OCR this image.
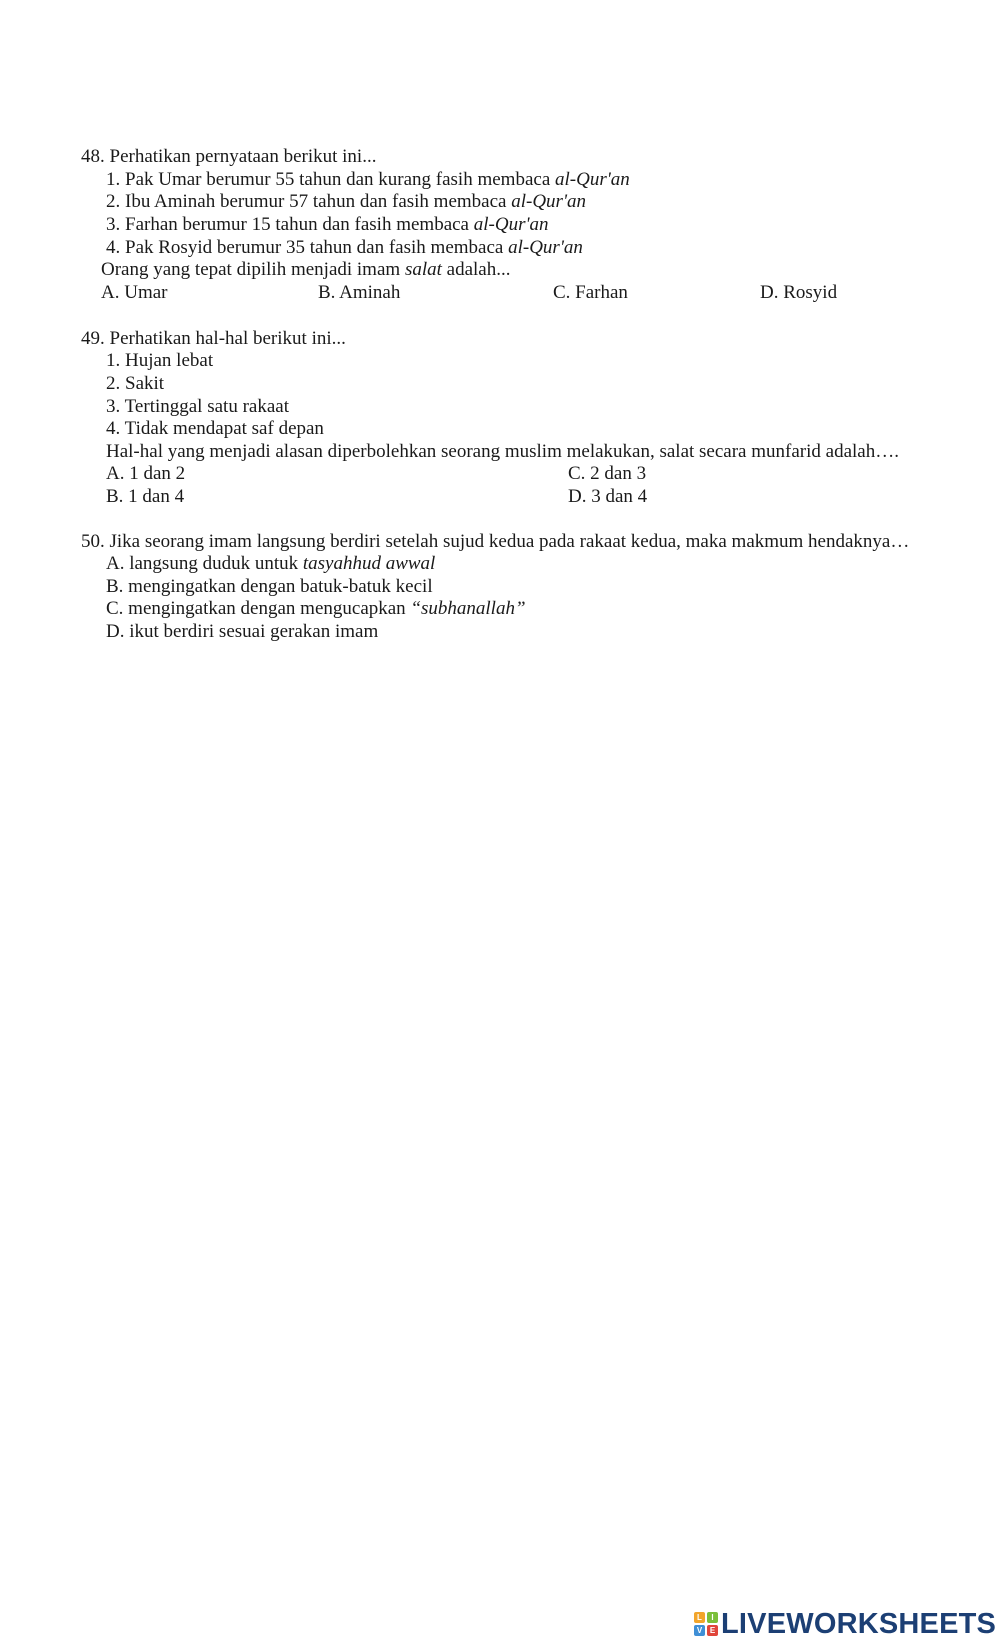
48. Perhatikan pernyataan berikut ini...
1. Pak Umar berumur 55 tahun dan kurang fasih membaca al-Qur'an
2. Ibu Aminah berumur 57 tahun dan fasih membaca al-Qur'an
3. Farhan berumur 15 tahun dan fasih membaca al-Qur'an
4. Pak Rosyid berumur 35 tahun dan fasih membaca al-Qur'an
Orang yang tepat dipilih menjadi imam salat adalah...
A. Umar	B. Aminah	C. Farhan	D. Rosyid
49. Perhatikan hal-hal berikut ini...
1. Hujan lebat
2. Sakit
3. Tertinggal satu rakaat
4. Tidak mendapat saf depan
Hal-hal yang menjadi alasan diperbolehkan seorang muslim melakukan, salat secara munfarid adalah….
A. 1 dan 2	C. 2 dan 3
B. 1 dan 4	D. 3 dan 4
50. Jika seorang imam langsung berdiri setelah sujud kedua pada rakaat kedua, maka makmum hendaknya…
A. langsung duduk untuk tasyahhud awwal
B. mengingatkan dengan batuk-batuk kecil
C. mengingatkan dengan mengucapkan “subhanallah”
D. ikut berdiri sesuai gerakan imam
L	I
V E LIVEWORKSHEETS
